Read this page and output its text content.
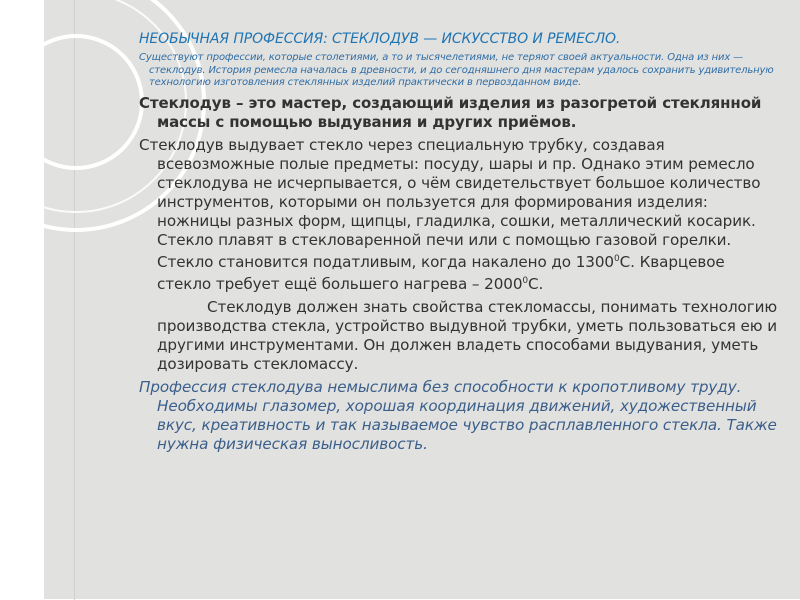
НЕОБЫЧНАЯ ПРОФЕССИЯ: СТЕКЛОДУВ — ИСКУССТВО И РЕМЕСЛО.
Существуют профессии, которые столетиями, а то и тысячелетиями, не теряют своей актуальности. Одна из них — стеклодув. История ремесла началась в древности, и до сегодняшнего дня мастерам удалось сохранить удивительную технологию изготовления стеклянных изделий практически в первозданном виде.
Стеклодув – это мастер, создающий изделия из разогретой стеклянной массы с помощью выдувания и других приёмов.
Стеклодув выдувает стекло через специальную трубку, создавая всевозможные полые предметы: посуду, шары и пр. Однако этим ремесло стеклодува не исчерпывается, о чём свидетельствует большое количество инструментов, которыми он пользуется для формирования изделия: ножницы разных форм, щипцы, гладилка, сошки, металлический косарик. Стекло плавят в стекловаренной печи или с помощью газовой горелки. Стекло становится податливым, когда накалено до 1300$^0$С. Кварцевое стекло требует ещё большего нагрева – 2000$^0$С.
Стеклодув должен знать свойства стекломассы, понимать технологию производства стекла, устройство выдувной трубки, уметь пользоваться ею и другими инструментами. Он должен владеть способами выдувания, уметь дозировать стекломассу.
Профессия стеклодува немыслима без способности к кропотливому труду. Необходимы глазомер, хорошая координация движений, художественный вкус, креативность и так называемое чувство расплавленного стекла. Также нужна физическая выносливость.
